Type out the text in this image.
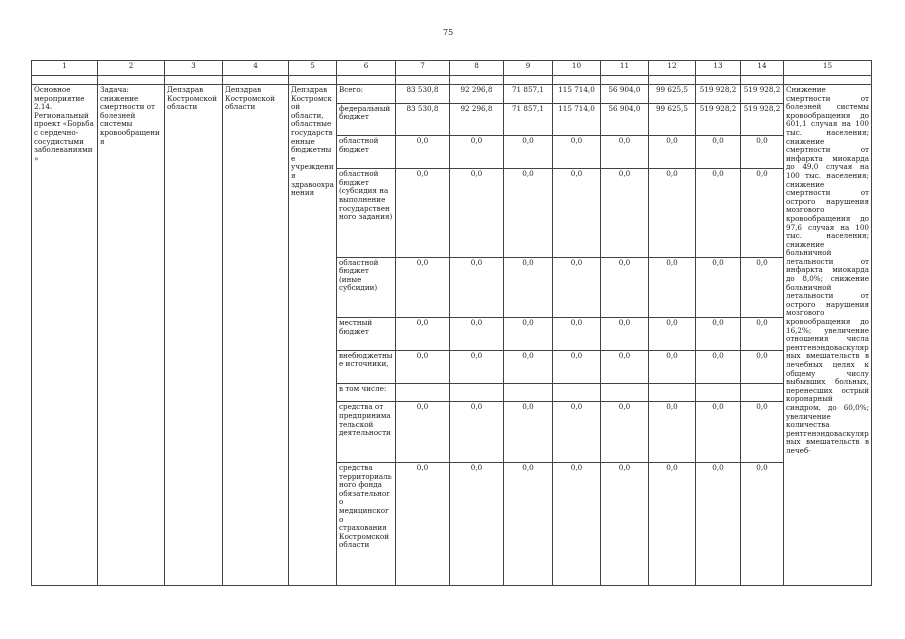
75
1	2	3	4	5	6	7	8	9	10	11	12	13	14	15

Основное мероприятие 2.14. Региональный проект «Борьба с сердечно-сосудистыми заболеваниями»	Задача: снижение смертности от болезней системы кровообращения	Депздрав Костромской области	Депздрав Костромской области	Депздрав Костромской области, областные государственные бюджетные учреждения здравоохранения	Всего:	83 530,8	92 296,8	71 857,1	115 714,0	56 904,0	99 625,5	519 928,2	519 928,2	Снижение смертности от болезней системы кровообращения до 601,1 случая на 100 тыс. населения; снижение смертности от инфаркта миокарда до 49,0 случая на 100 тыс. населения; снижение смертности от острого нарушения мозгового кровообращения до 97,6 случая на 100 тыс. населения; снижение больничной летальности от инфаркта миокарда до 8,0%; снижение больничной летальности от острого нарушения мозгового кровообращения до 16,2%; увеличение отношения числа рентгенэндоваскулярных вмешательств в лечебных целях к общему числу выбывших больных, перенесших острый коронарный синдром, до 60,0%; увеличение количества рентгенэндоваскулярных вмешательств в лечеб-
					федеральный бюджет	83 530,8	92 296,8	71 857,1	115 714,0	56 904,0	99 625,5	519 928,2	519 928,2	
					областной бюджет	0,0	0,0	0,0	0,0	0,0	0,0	0,0	0,0	
					областной бюджет (субсидия на выполнение государственного задания)	0,0	0,0	0,0	0,0	0,0	0,0	0,0	0,0	
					областной бюджет (иные субсидии)	0,0	0,0	0,0	0,0	0,0	0,0	0,0	0,0	
					местный бюджет	0,0	0,0	0,0	0,0	0,0	0,0	0,0	0,0	
					внебюджетные источники,	0,0	0,0	0,0	0,0	0,0	0,0	0,0	0,0	
					в том числе:									
					средства от предпринимательской деятельности	0,0	0,0	0,0	0,0	0,0	0,0	0,0	0,0	
					средства территориального фонда обязательного медицинского страхования Костромской области	0,0	0,0	0,0	0,0	0,0	0,0	0,0	0,0	
